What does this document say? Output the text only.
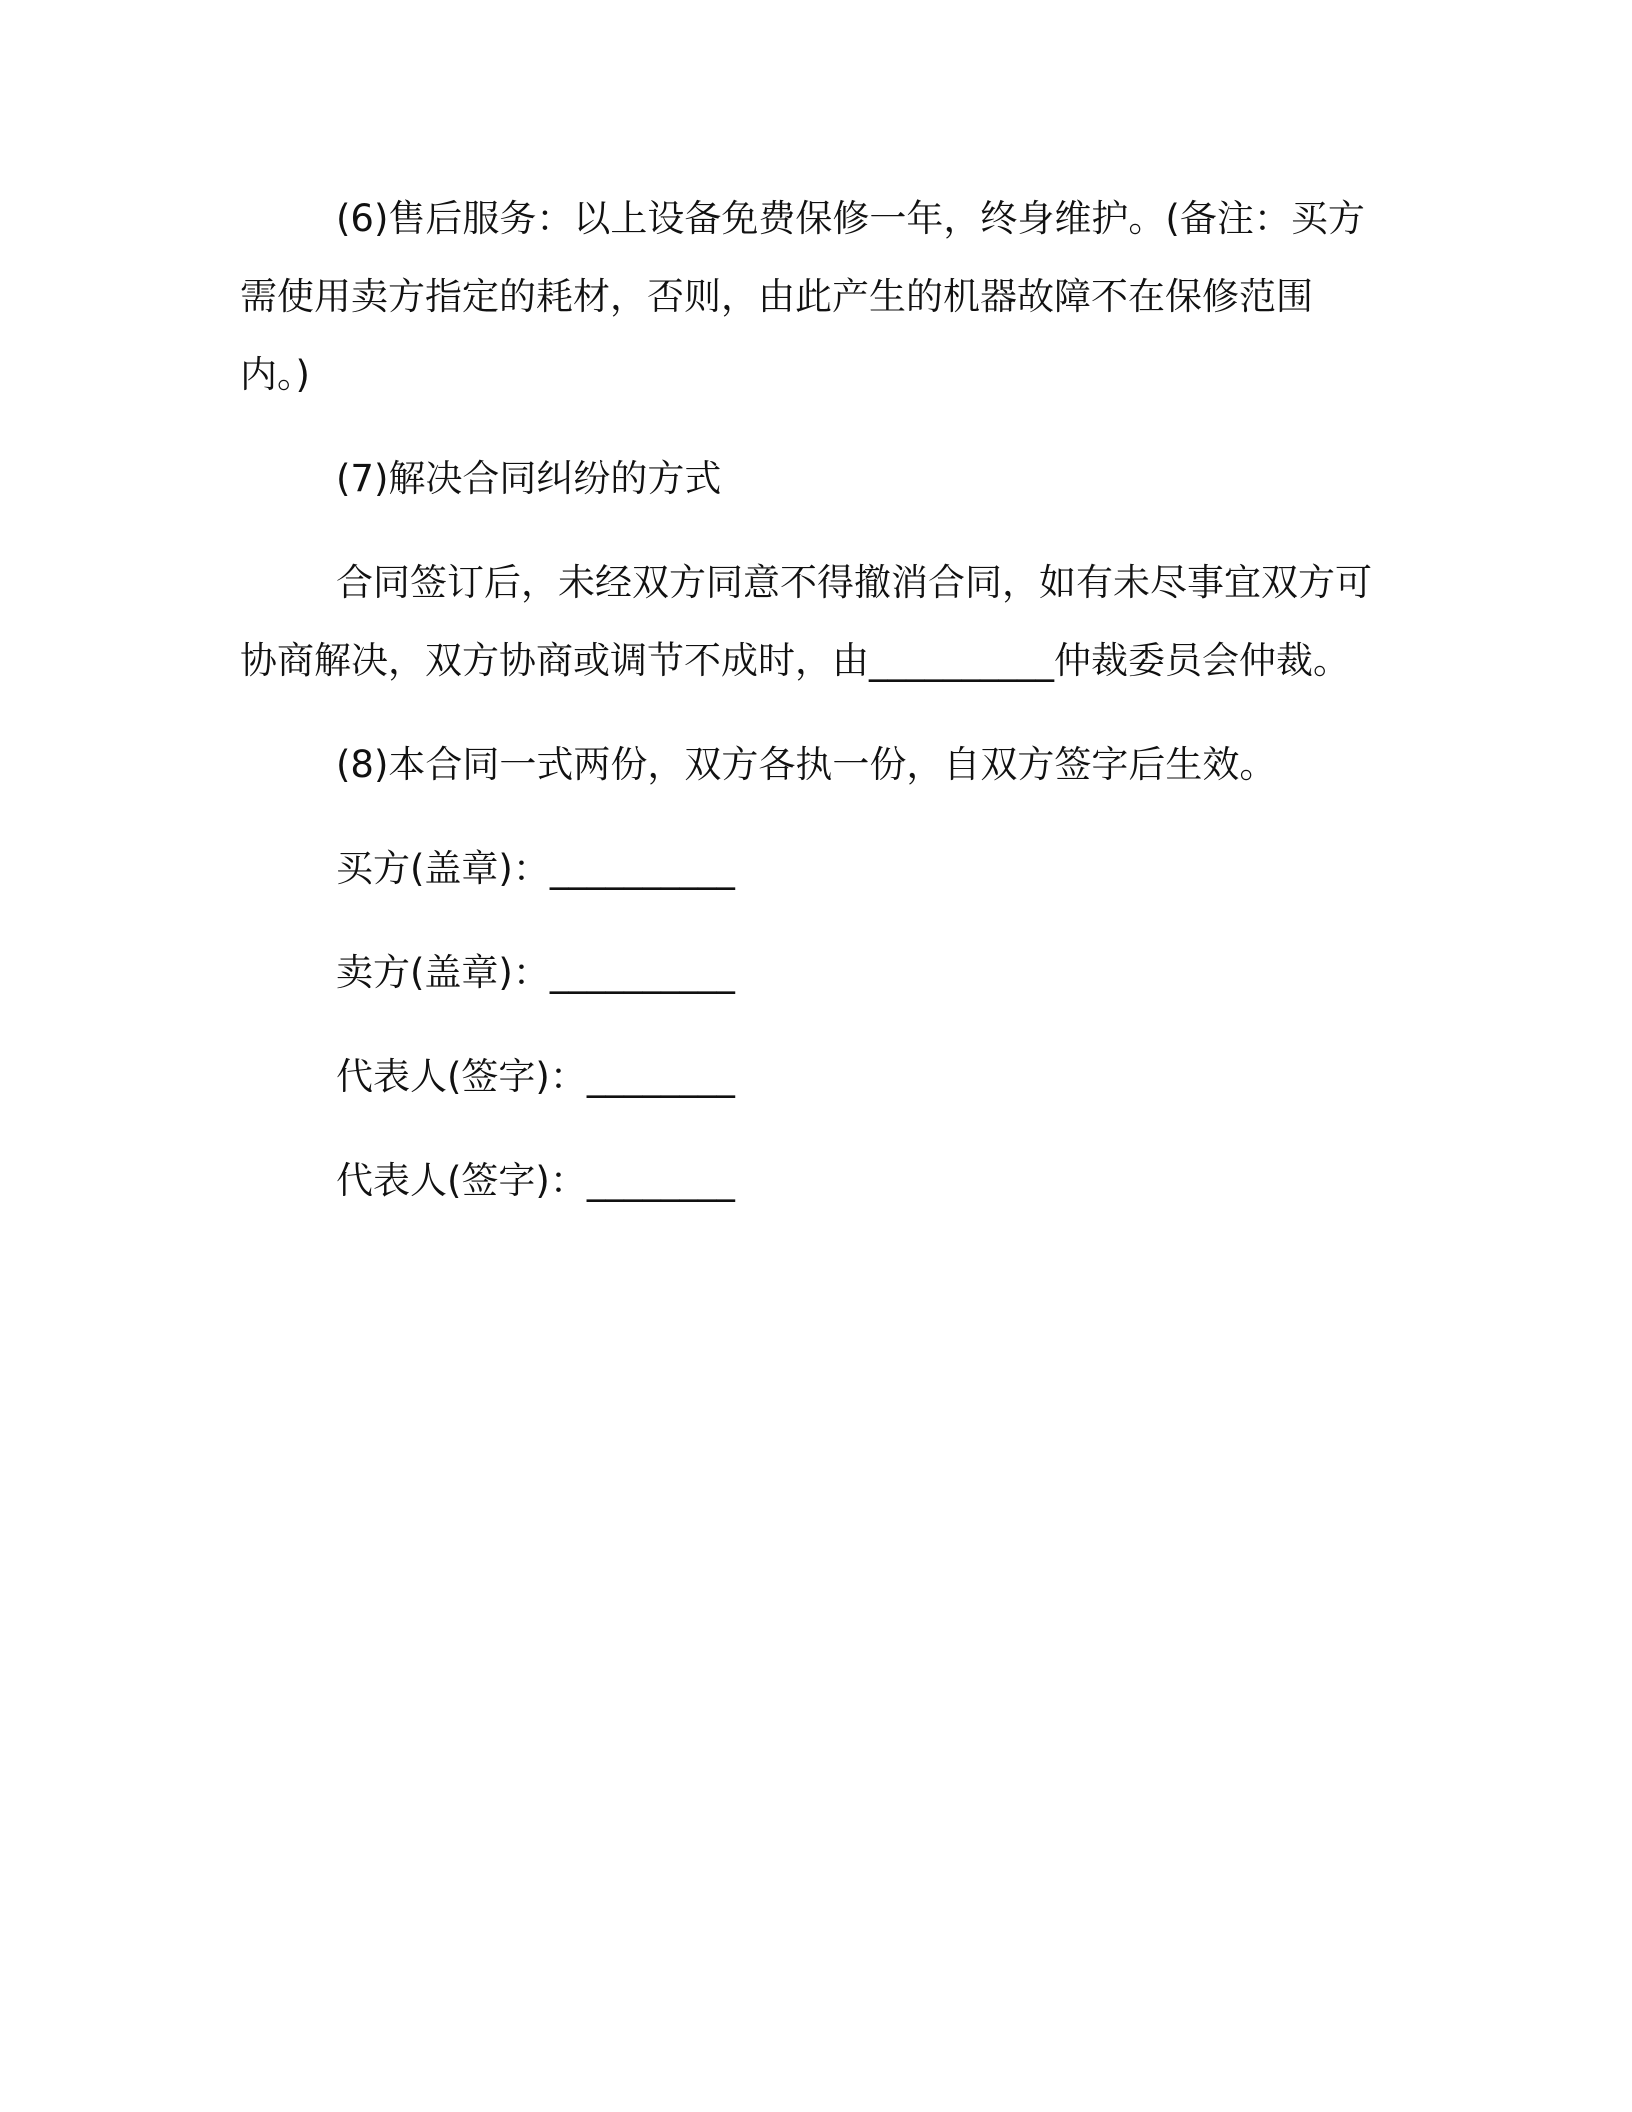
(6)售后服务：以上设备免费保修一年，终身维护。(备注：买方需使用卖方指定的耗材，否则，由此产生的机器故障不在保修范围内。)

(7)解决合同纠纷的方式

合同签订后，未经双方同意不得撤消合同，如有未尽事宜双方可协商解决，双方协商或调节不成时，由__________仲裁委员会仲裁。

(8)本合同一式两份，双方各执一份，自双方签字后生效。

买方(盖章)：__________

卖方(盖章)：__________

代表人(签字)：________

代表人(签字)：________
